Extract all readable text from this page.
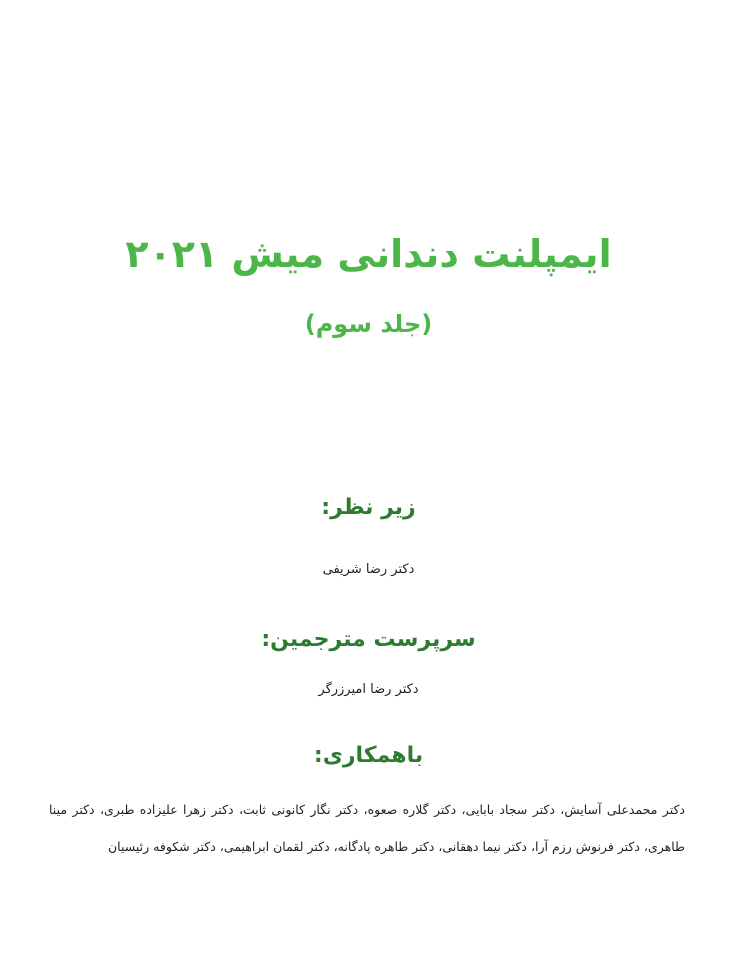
ایمپلنت دندانی میش ۲۰۲۱
(جلد سوم)
زیر نظر:

دکتر رضا شریفی

سرپرست مترجمین:

دکتر رضا امیرزرگر

باهمکاری:

دکتر محمدعلی آسایش، دکتر سجاد بابایی، دکتر گلاره صعوه، دکتر نگار کانونی ثابت، دکتر زهرا علیزاده طبری، دکتر مینا طاهری، دکتر فرنوش رزم آرا، دکتر نیما دهقانی، دکتر طاهره پادگانه، دکتر لقمان ابراهیمی، دکتر شکوفه رئیسیان
